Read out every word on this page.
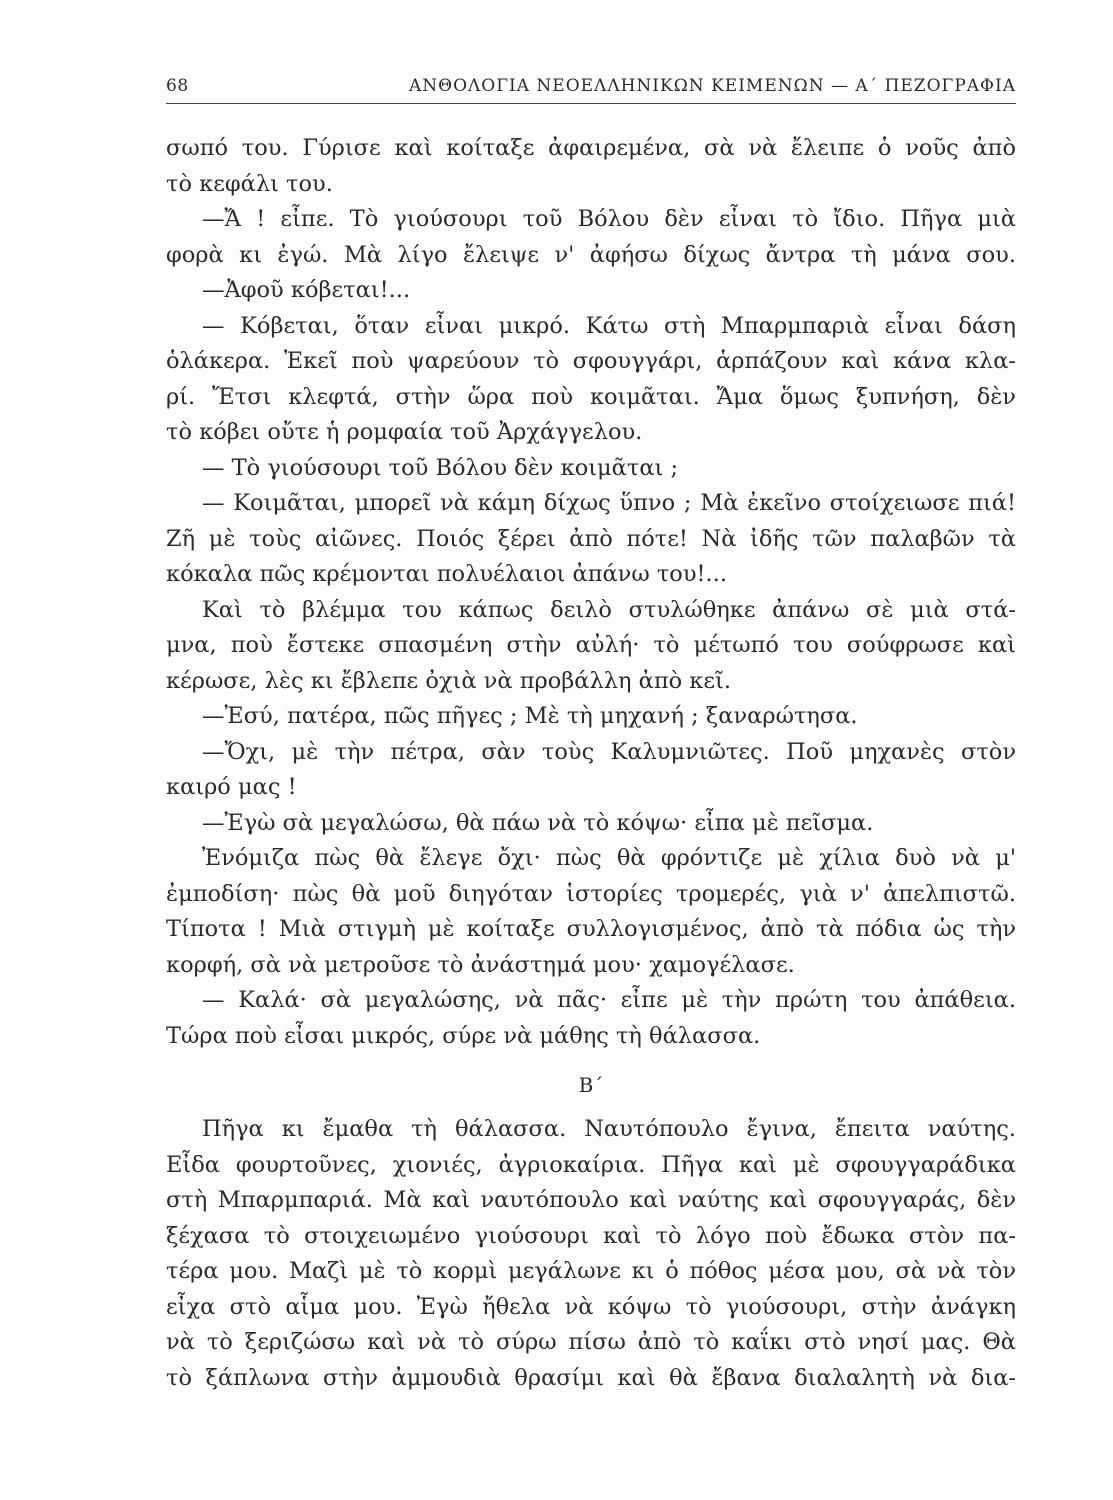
68	ΑΝΘΟΛΟΓΙΑ ΝΕΟΕΛΛΗΝΙΚΩΝ ΚΕΙΜΕΝΩΝ — Α΄ ΠΕΖΟΓΡΑΦΙΑ
σωπό του. Γύρισε καὶ κοίταξε ἀφαιρεμένα, σὰ νὰ ἔλειπε ὁ νοῦς ἀπὸ
τὸ κεφάλι του.
—Ἄ ! εἶπε. Τὸ γιούσουρι τοῦ Βόλου δὲν εἶναι τὸ ἴδιο. Πῆγα μιὰ
φορὰ κι ἐγώ. Μὰ λίγο ἔλειψε ν' ἀφήσω δίχως ἄντρα τὴ μάνα σου.
—Ἀφοῦ κόβεται!...
— Κόβεται, ὅταν εἶναι μικρό. Κάτω στὴ Μπαρμπαριὰ εἶναι δάση
ὁλάκερα. Ἐκεῖ ποὺ ψαρεύουν τὸ σφουγγάρι, ἁρπάζουν καὶ κάνα κλα-
ρί. Ἔτσι κλεφτά, στὴν ὥρα ποὺ κοιμᾶται. Ἄμα ὅμως ξυπνήση, δὲν
τὸ κόβει οὔτε ἡ ρομφαία τοῦ Ἀρχάγγελου.
— Τὸ γιούσουρι τοῦ Βόλου δὲν κοιμᾶται ;
— Κοιμᾶται, μπορεῖ νὰ κάμη δίχως ὕπνο ; Μὰ ἐκεῖνο στοίχειωσε πιά!
Ζῆ μὲ τοὺς αἰῶνες. Ποιός ξέρει ἀπὸ πότε! Νὰ ἰδῆς τῶν παλαβῶν τὰ
κόκαλα πῶς κρέμονται πολυέλαιοι ἀπάνω του!...
Καὶ τὸ βλέμμα του κάπως δειλὸ στυλώθηκε ἀπάνω σὲ μιὰ στά-
μνα, ποὺ ἔστεκε σπασμένη στὴν αὐλή· τὸ μέτωπό του σούφρωσε καὶ
κέρωσε, λὲς κι ἔβλεπε ὀχιὰ νὰ προβάλλη ἀπὸ κεῖ.
—Ἐσύ, πατέρα, πῶς πῆγες ; Μὲ τὴ μηχανή ; ξαναρώτησα.
—Ὄχι, μὲ τὴν πέτρα, σὰν τοὺς Καλυμνιῶτες. Ποῦ μηχανὲς στὸν
καιρό μας !
—Ἐγὼ σὰ μεγαλώσω, θὰ πάω νὰ τὸ κόψω· εἶπα μὲ πεῖσμα.
Ἐνόμιζα πὼς θὰ ἔλεγε ὄχι· πὼς θὰ φρόντιζε μὲ χίλια δυὸ νὰ μ'
ἐμποδίση· πὼς θὰ μοῦ διηγόταν ἱστορίες τρομερές, γιὰ ν' ἀπελπιστῶ.
Τίποτα ! Μιὰ στιγμὴ μὲ κοίταξε συλλογισμένος, ἀπὸ τὰ πόδια ὡς τὴν
κορφή, σὰ νὰ μετροῦσε τὸ ἀνάστημά μου· χαμογέλασε.
— Καλά· σὰ μεγαλώσης, νὰ πᾶς· εἶπε μὲ τὴν πρώτη του ἀπάθεια.
Τώρα ποὺ εἶσαι μικρός, σύρε νὰ μάθης τὴ θάλασσα.
Β΄
Πῆγα κι ἔμαθα τὴ θάλασσα. Ναυτόπουλο ἔγινα, ἔπειτα ναύτης.
Εἶδα φουρτοῦνες, χιονιές, ἀγριοκαίρια. Πῆγα καὶ μὲ σφουγγαράδικα
στὴ Μπαρμπαριά. Μὰ καὶ ναυτόπουλο καὶ ναύτης καὶ σφουγγαράς, δὲν
ξέχασα τὸ στοιχειωμένο γιούσουρι καὶ τὸ λόγο ποὺ ἔδωκα στὸν πα-
τέρα μου. Μαζὶ μὲ τὸ κορμὶ μεγάλωνε κι ὁ πόθος μέσα μου, σὰ νὰ τὸν
εἶχα στὸ αἷμα μου. Ἐγὼ ἤθελα νὰ κόψω τὸ γιούσουρι, στὴν ἀνάγκη
νὰ τὸ ξεριζώσω καὶ νὰ τὸ σύρω πίσω ἀπὸ τὸ καΐκι στὸ νησί μας. Θὰ
τὸ ξάπλωνα στὴν ἀμμουδιὰ θρασίμι καὶ θὰ ἔβανα διαλαλητὴ νὰ δια-
